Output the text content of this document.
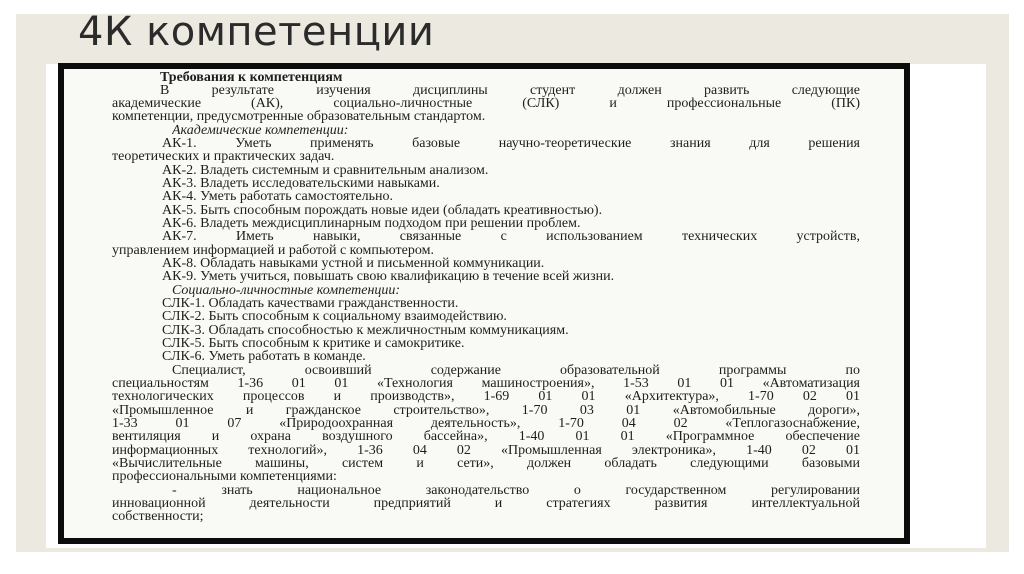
4К компетенции
Требования к компетенциям
В результате изучения дисциплины студент должен развить следующие
академические (АК), социально-личностные (СЛК) и профессиональные (ПК)
компетенции, предусмотренные образовательным стандартом.
Академические компетенции:
АК-1. Уметь применять базовые научно-теоретические знания для решения
теоретических и практических задач.
АК-2. Владеть системным и сравнительным анализом.
АК-3. Владеть исследовательскими навыками.
АК-4. Уметь работать самостоятельно.
АК-5. Быть способным порождать новые идеи (обладать креативностью).
АК-6. Владеть междисциплинарным подходом при решении проблем.
АК-7. Иметь навыки, связанные с использованием технических устройств,
управлением информацией и работой с компьютером.
АК-8. Обладать навыками устной и письменной коммуникации.
АК-9. Уметь учиться, повышать свою квалификацию в течение всей жизни.
Социально-личностные компетенции:
СЛК-1. Обладать качествами гражданственности.
СЛК-2. Быть способным к социальному взаимодействию.
СЛК-3. Обладать способностью к межличностным коммуникациям.
СЛК-5. Быть способным к критике и самокритике.
СЛК-6. Уметь работать в команде.
Специалист, освоивший содержание образовательной программы по
специальностям 1-36 01 01 «Технология машиностроения», 1-53 01 01 «Автоматизация
технологических процессов и производств», 1-69 01 01 «Архитектура», 1-70 02 01
«Промышленное и гражданское строительство», 1-70 03 01 «Автомобильные дороги»,
1-33 01 07 «Природоохранная деятельность», 1-70 04 02 «Теплогазоснабжение,
вентиляция и охрана воздушного бассейна», 1-40 01 01 «Программное обеспечение
информационных технологий», 1-36 04 02 «Промышленная электроника», 1-40 02 01
«Вычислительные машины, систем и сети», должен обладать следующими базовыми
профессиональными компетенциями:
- знать национальное законодательство о государственном регулировании
инновационной деятельности предприятий и стратегиях развития интеллектуальной
собственности;
